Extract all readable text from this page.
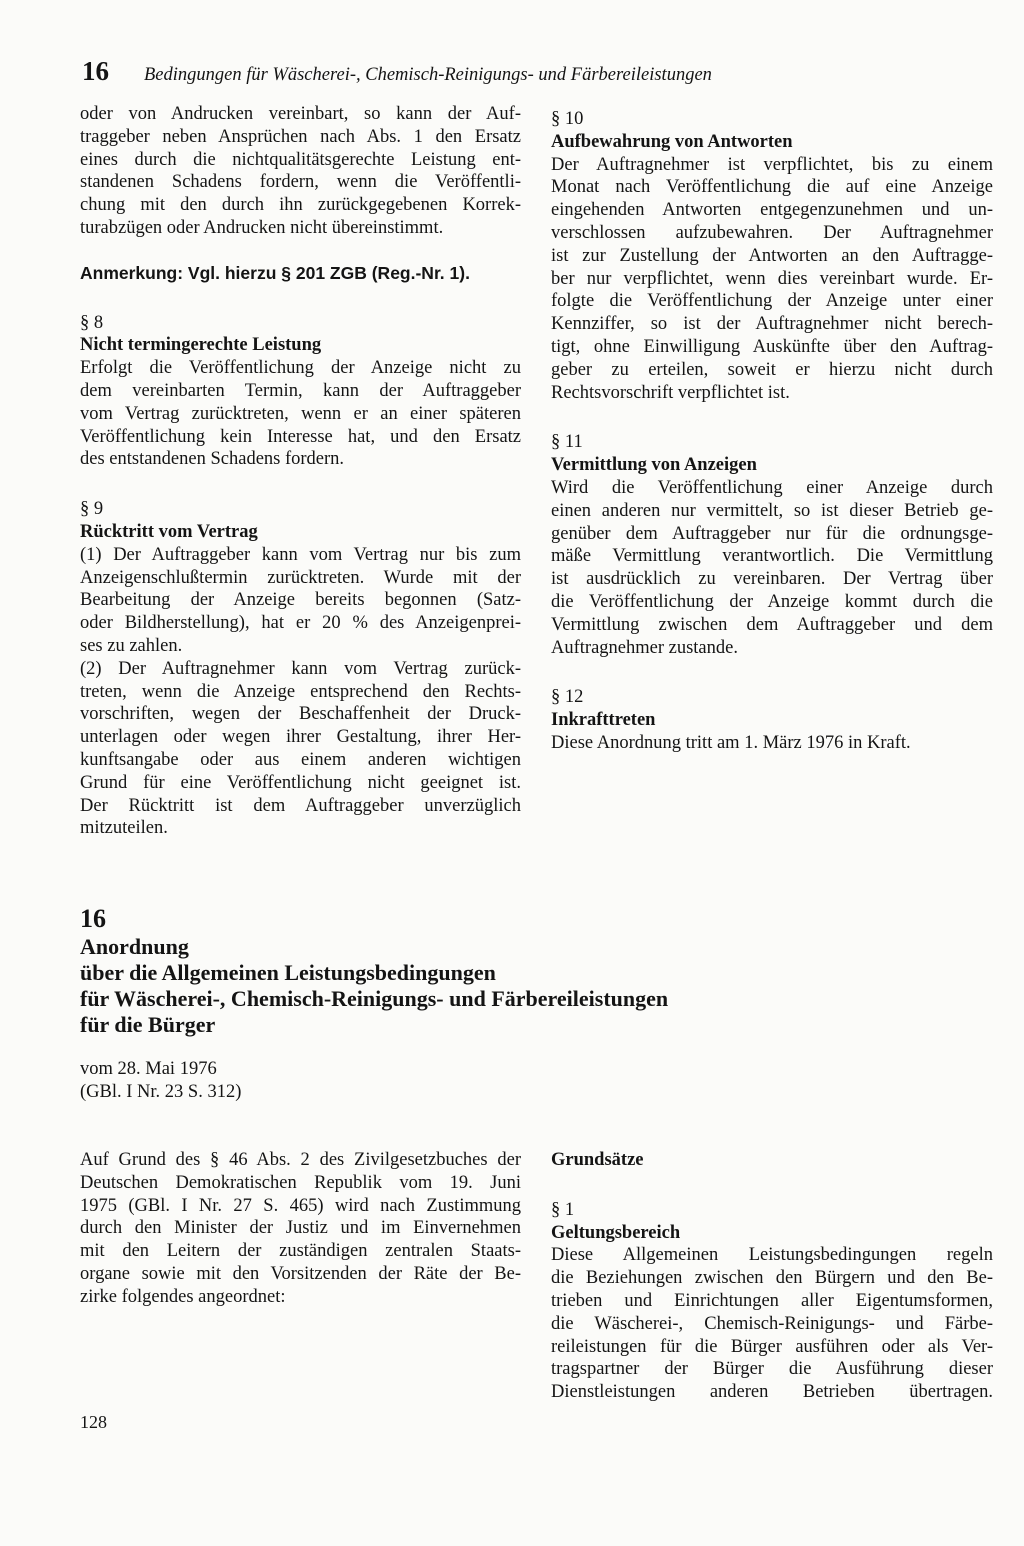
16 Bedingungen für Wäscherei-, Chemisch-Reinigungs- und Färbereileistungen
oder von Andrucken vereinbart, so kann der Auf-
traggeber neben Ansprüchen nach Abs. 1 den Ersatz
eines durch die nichtqualitätsgerechte Leistung ent-
standenen Schadens fordern, wenn die Veröffentli-
chung mit den durch ihn zurückgegebenen Korrek-
turabzügen oder Andrucken nicht übereinstimmt.
Anmerkung: Vgl. hierzu § 201 ZGB (Reg.-Nr. 1).
§ 8
Nicht termingerechte Leistung
Erfolgt die Veröffentlichung der Anzeige nicht zu
dem vereinbarten Termin, kann der Auftraggeber
vom Vertrag zurücktreten, wenn er an einer späteren
Veröffentlichung kein Interesse hat, und den Ersatz
des entstandenen Schadens fordern.
§ 9
Rücktritt vom Vertrag
(1) Der Auftraggeber kann vom Vertrag nur bis zum
Anzeigenschlußtermin zurücktreten. Wurde mit der
Bearbeitung der Anzeige bereits begonnen (Satz-
oder Bildherstellung), hat er 20 % des Anzeigenprei-
ses zu zahlen.
(2) Der Auftragnehmer kann vom Vertrag zurück-
treten, wenn die Anzeige entsprechend den Rechts-
vorschriften, wegen der Beschaffenheit der Druck-
unterlagen oder wegen ihrer Gestaltung, ihrer Her-
kunftsangabe oder aus einem anderen wichtigen
Grund für eine Veröffentlichung nicht geeignet ist.
Der Rücktritt ist dem Auftraggeber unverzüglich
mitzuteilen.
§ 10
Aufbewahrung von Antworten
Der Auftragnehmer ist verpflichtet, bis zu einem
Monat nach Veröffentlichung die auf eine Anzeige
eingehenden Antworten entgegenzunehmen und un-
verschlossen aufzubewahren. Der Auftragnehmer
ist zur Zustellung der Antworten an den Auftragge-
ber nur verpflichtet, wenn dies vereinbart wurde. Er-
folgte die Veröffentlichung der Anzeige unter einer
Kennziffer, so ist der Auftragnehmer nicht berech-
tigt, ohne Einwilligung Auskünfte über den Auftrag-
geber zu erteilen, soweit er hierzu nicht durch
Rechtsvorschrift verpflichtet ist.
§ 11
Vermittlung von Anzeigen
Wird die Veröffentlichung einer Anzeige durch
einen anderen nur vermittelt, so ist dieser Betrieb ge-
genüber dem Auftraggeber nur für die ordnungsge-
mäße Vermittlung verantwortlich. Die Vermittlung
ist ausdrücklich zu vereinbaren. Der Vertrag über
die Veröffentlichung der Anzeige kommt durch die
Vermittlung zwischen dem Auftraggeber und dem
Auftragnehmer zustande.
§ 12
Inkrafttreten
Diese Anordnung tritt am 1. März 1976 in Kraft.
16
Anordnung
über die Allgemeinen Leistungsbedingungen
für Wäscherei-, Chemisch-Reinigungs- und Färbereileistungen
für die Bürger
vom 28. Mai 1976
(GBl. I Nr. 23 S. 312)
Auf Grund des § 46 Abs. 2 des Zivilgesetzbuches der
Deutschen Demokratischen Republik vom 19. Juni
1975 (GBl. I Nr. 27 S. 465) wird nach Zustimmung
durch den Minister der Justiz und im Einvernehmen
mit den Leitern der zuständigen zentralen Staats-
organe sowie mit den Vorsitzenden der Räte der Be-
zirke folgendes angeordnet:
Grundsätze
§ 1
Geltungsbereich
Diese Allgemeinen Leistungsbedingungen regeln
die Beziehungen zwischen den Bürgern und den Be-
trieben und Einrichtungen aller Eigentumsformen,
die Wäscherei-, Chemisch-Reinigungs- und Färbe-
reileistungen für die Bürger ausführen oder als Ver-
tragspartner der Bürger die Ausführung dieser
Dienstleistungen anderen Betrieben übertragen.
128
